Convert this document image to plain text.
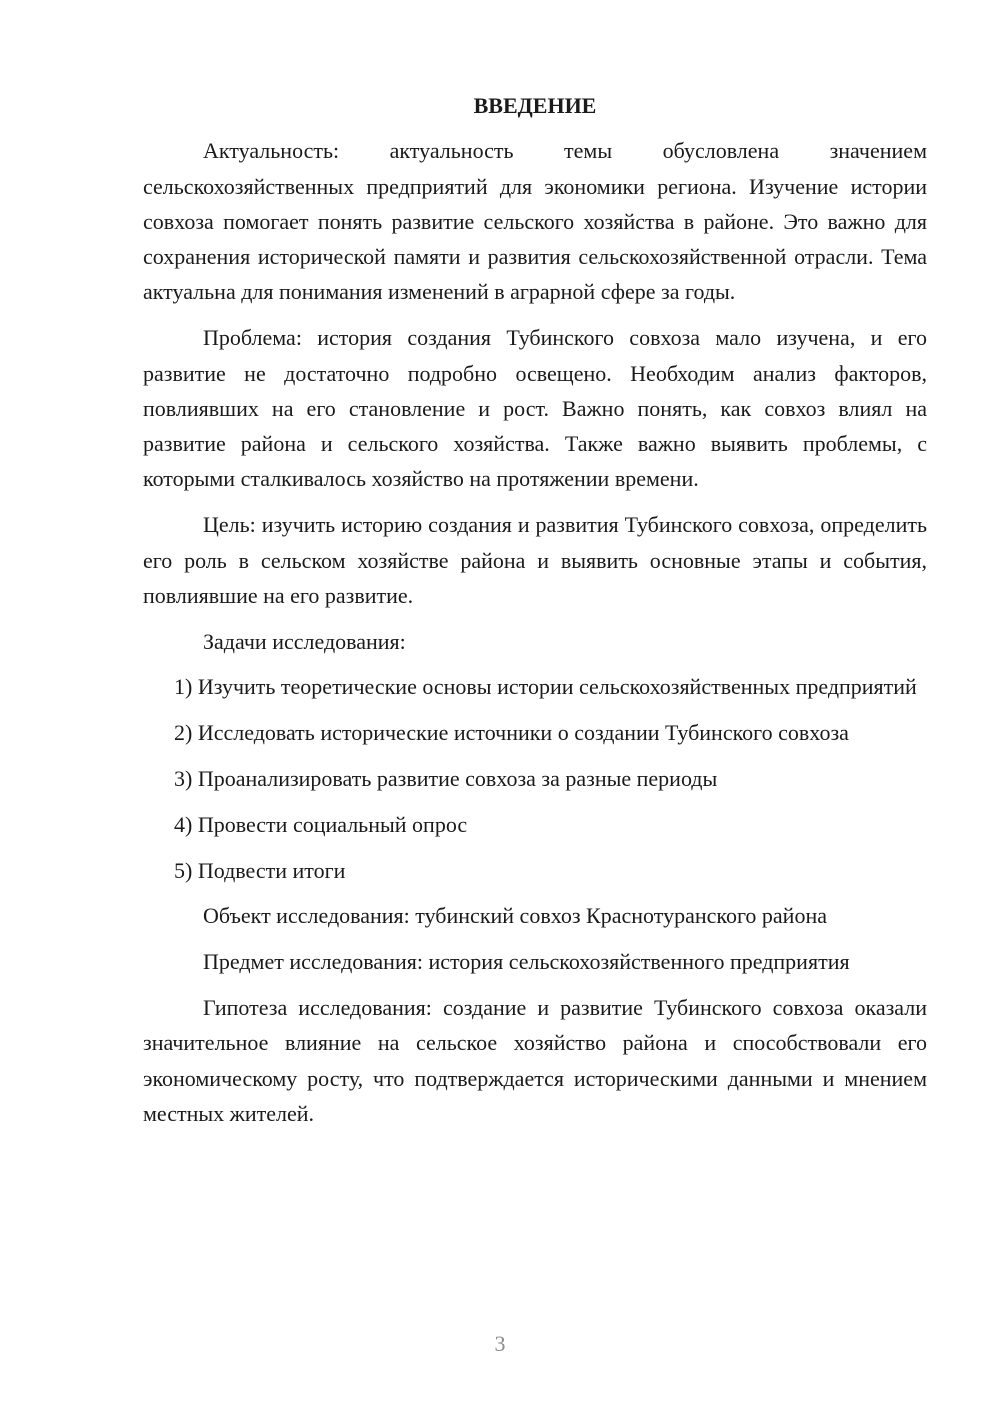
ВВЕДЕНИЕ

Актуальность: актуальность темы обусловлена значением сельскохозяйственных предприятий для экономики региона. Изучение истории совхоза помогает понять развитие сельского хозяйства в районе. Это важно для сохранения исторической памяти и развития сельскохозяйственной отрасли. Тема актуальна для понимания изменений в аграрной сфере за годы.

Проблема: история создания Тубинского совхоза мало изучена, и его развитие не достаточно подробно освещено. Необходим анализ факторов, повлиявших на его становление и рост. Важно понять, как совхоз влиял на развитие района и сельского хозяйства. Также важно выявить проблемы, с которыми сталкивалось хозяйство на протяжении времени.

Цель: изучить историю создания и развития Тубинского совхоза, определить его роль в сельском хозяйстве района и выявить основные этапы и события, повлиявшие на его развитие.

Задачи исследования:

1) Изучить теоретические основы истории сельскохозяйственных предприятий

2) Исследовать исторические источники о создании Тубинского совхоза

3) Проанализировать развитие совхоза за разные периоды

4) Провести социальный опрос

5) Подвести итоги

Объект исследования: тубинский совхоз Краснотуранского района

Предмет исследования: история сельскохозяйственного предприятия

Гипотеза исследования: создание и развитие Тубинского совхоза оказали значительное влияние на сельское хозяйство района и способствовали его экономическому росту, что подтверждается историческими данными и мнением местных жителей.

3
